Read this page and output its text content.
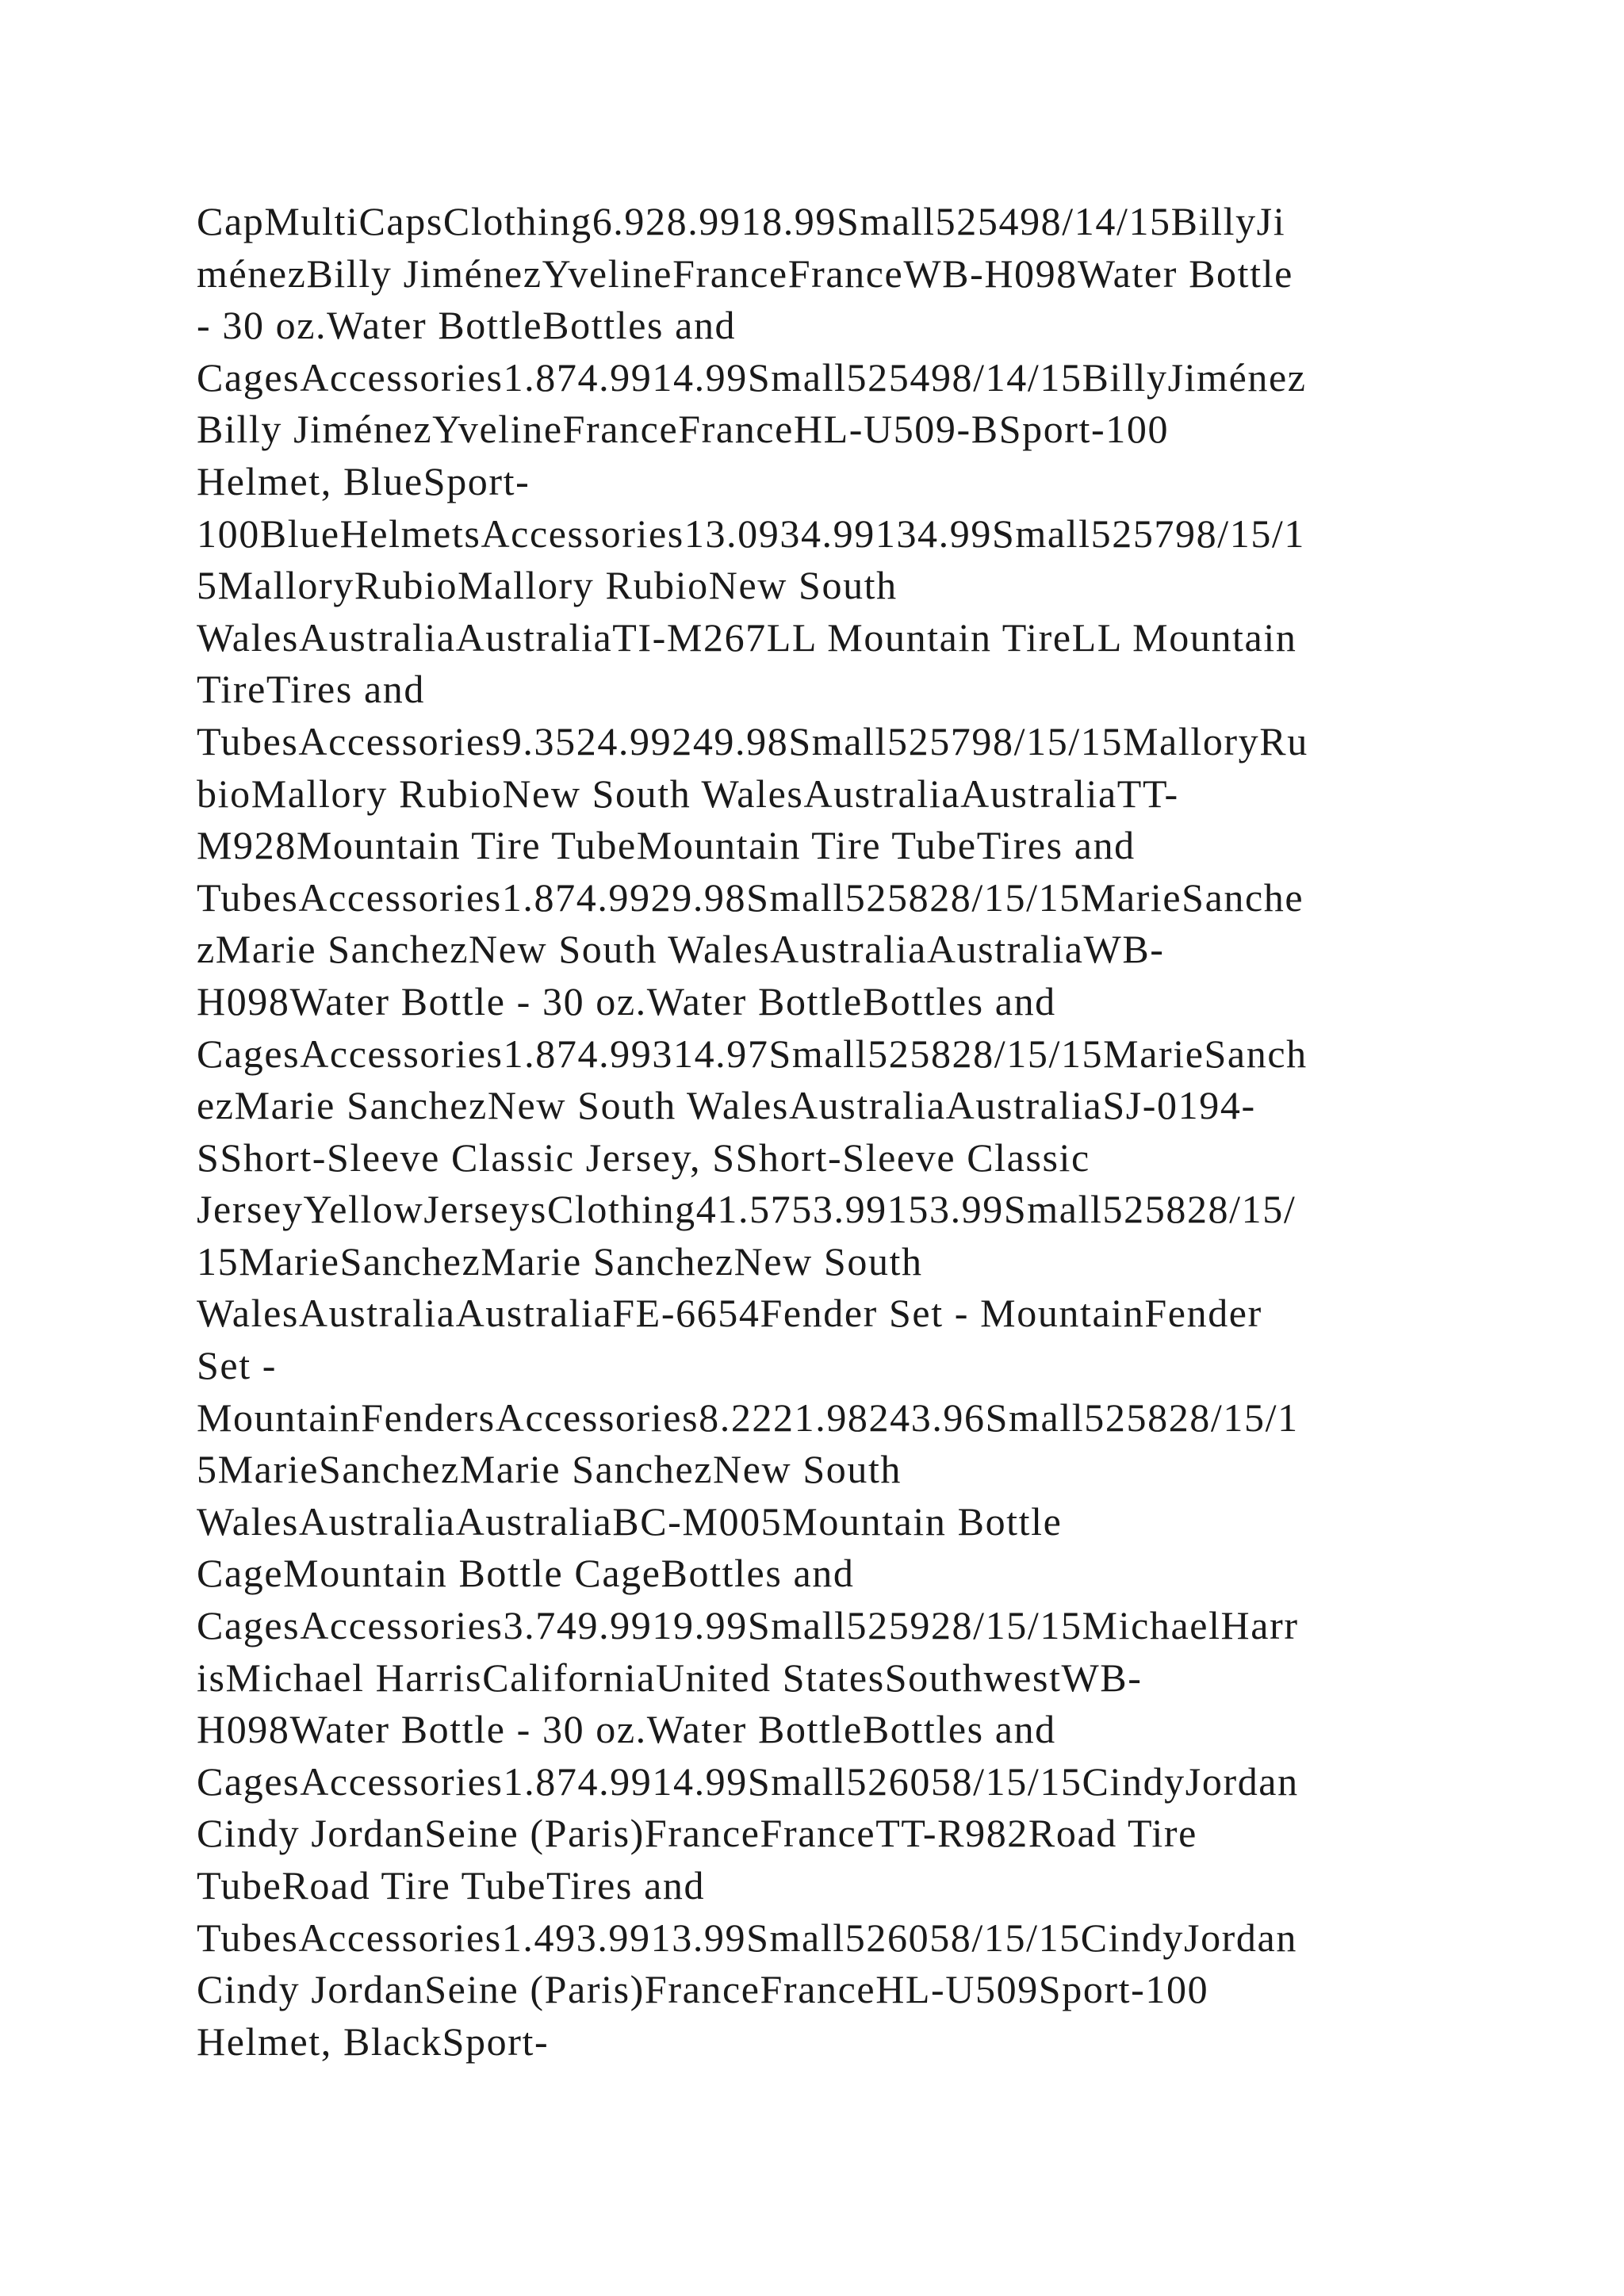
CapMultiCapsClothing6.928.9918.99Small525498/14/15BillyJi
ménezBilly JiménezYvelineFranceFranceWB-H098Water Bottle
- 30 oz.Water BottleBottles and
CagesAccessories1.874.9914.99Small525498/14/15BillyJiménez
Billy JiménezYvelineFranceFranceHL-U509-BSport-100
Helmet, BlueSport-
100BlueHelmetsAccessories13.0934.99134.99Small525798/15/1
5MalloryRubioMallory RubioNew South
WalesAustraliaAustraliaTI-M267LL Mountain TireLL Mountain
TireTires and
TubesAccessories9.3524.99249.98Small525798/15/15MalloryRu
bioMallory RubioNew South WalesAustraliaAustraliaTT-
M928Mountain Tire TubeMountain Tire TubeTires and
TubesAccessories1.874.9929.98Small525828/15/15MarieSanche
zMarie SanchezNew South WalesAustraliaAustraliaWB-
H098Water Bottle - 30 oz.Water BottleBottles and
CagesAccessories1.874.99314.97Small525828/15/15MarieSanch
ezMarie SanchezNew South WalesAustraliaAustraliaSJ-0194-
SShort-Sleeve Classic Jersey, SShort-Sleeve Classic
JerseyYellowJerseysClothing41.5753.99153.99Small525828/15/
15MarieSanchezMarie SanchezNew South
WalesAustraliaAustraliaFE-6654Fender Set - MountainFender
Set -
MountainFendersAccessories8.2221.98243.96Small525828/15/1
5MarieSanchezMarie SanchezNew South
WalesAustraliaAustraliaBC-M005Mountain Bottle
CageMountain Bottle CageBottles and
CagesAccessories3.749.9919.99Small525928/15/15MichaelHarr
isMichael HarrisCaliforniaUnited StatesSouthwestWB-
H098Water Bottle - 30 oz.Water BottleBottles and
CagesAccessories1.874.9914.99Small526058/15/15CindyJordan
Cindy JordanSeine (Paris)FranceFranceTT-R982Road Tire
TubeRoad Tire TubeTires and
TubesAccessories1.493.9913.99Small526058/15/15CindyJordan
Cindy JordanSeine (Paris)FranceFranceHL-U509Sport-100
Helmet, BlackSport-
